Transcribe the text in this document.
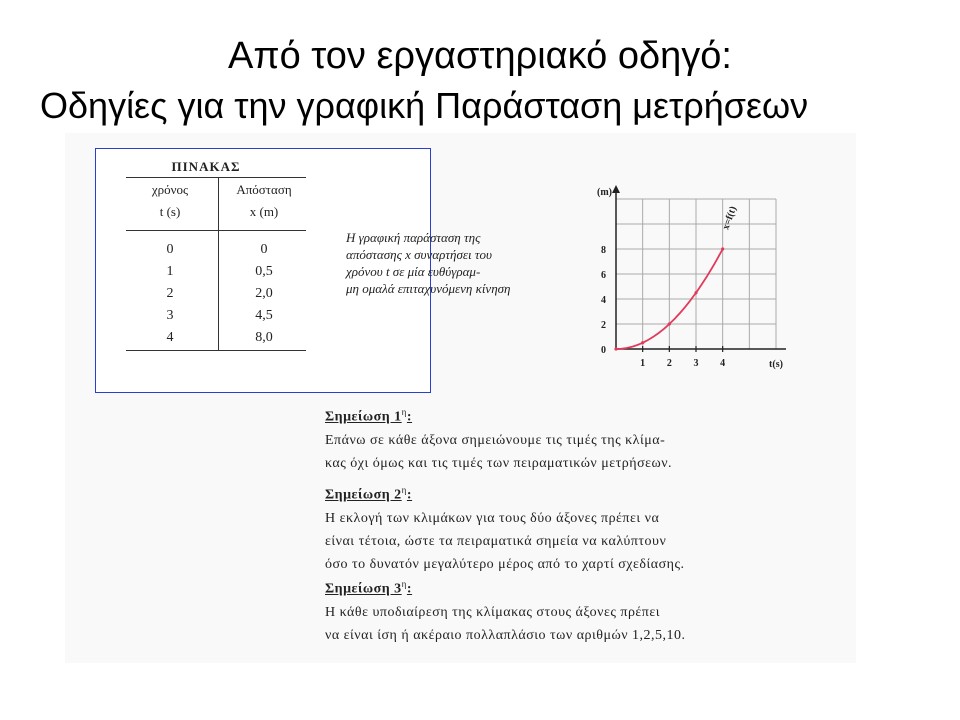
Από τον εργαστηριακό οδηγό:
Οδηγίες για την γραφική Παράσταση μετρήσεων
ΠΙΝΑΚΑΣ
χρόνος
t (s)
Απόσταση
x (m)
0	0
1	0,5
2	2,0
3	4,5
4	8,0
Η γραφική παράσταση της
απόστασης x συναρτήσει του
χρόνου t σε μία ευθύγραμ-
μη ομαλά επιταχυνόμενη κίνηση
1 2 3 4
0
2
4
6
8
(m)
t(s)
x=f(t)
Σημείωση $1^\eta$:
Επάνω σε κάθε άξονα σημειώνουμε τις τιμές της κλίμα-
κας όχι όμως και τις τιμές των πειραματικών μετρήσεων.
Σημείωση $2^\eta$:
Η εκλογή των κλιμάκων για τους δύο άξονες πρέπει να
είναι τέτοια, ώστε τα πειραματικά σημεία να καλύπτουν
όσο το δυνατόν μεγαλύτερο μέρος από το χαρτί σχεδίασης.
Σημείωση $3^\eta$:
Η κάθε υποδιαίρεση της κλίμακας στους άξονες πρέπει
να είναι ίση ή ακέραιο πολλαπλάσιο των αριθμών 1,2,5,10.
